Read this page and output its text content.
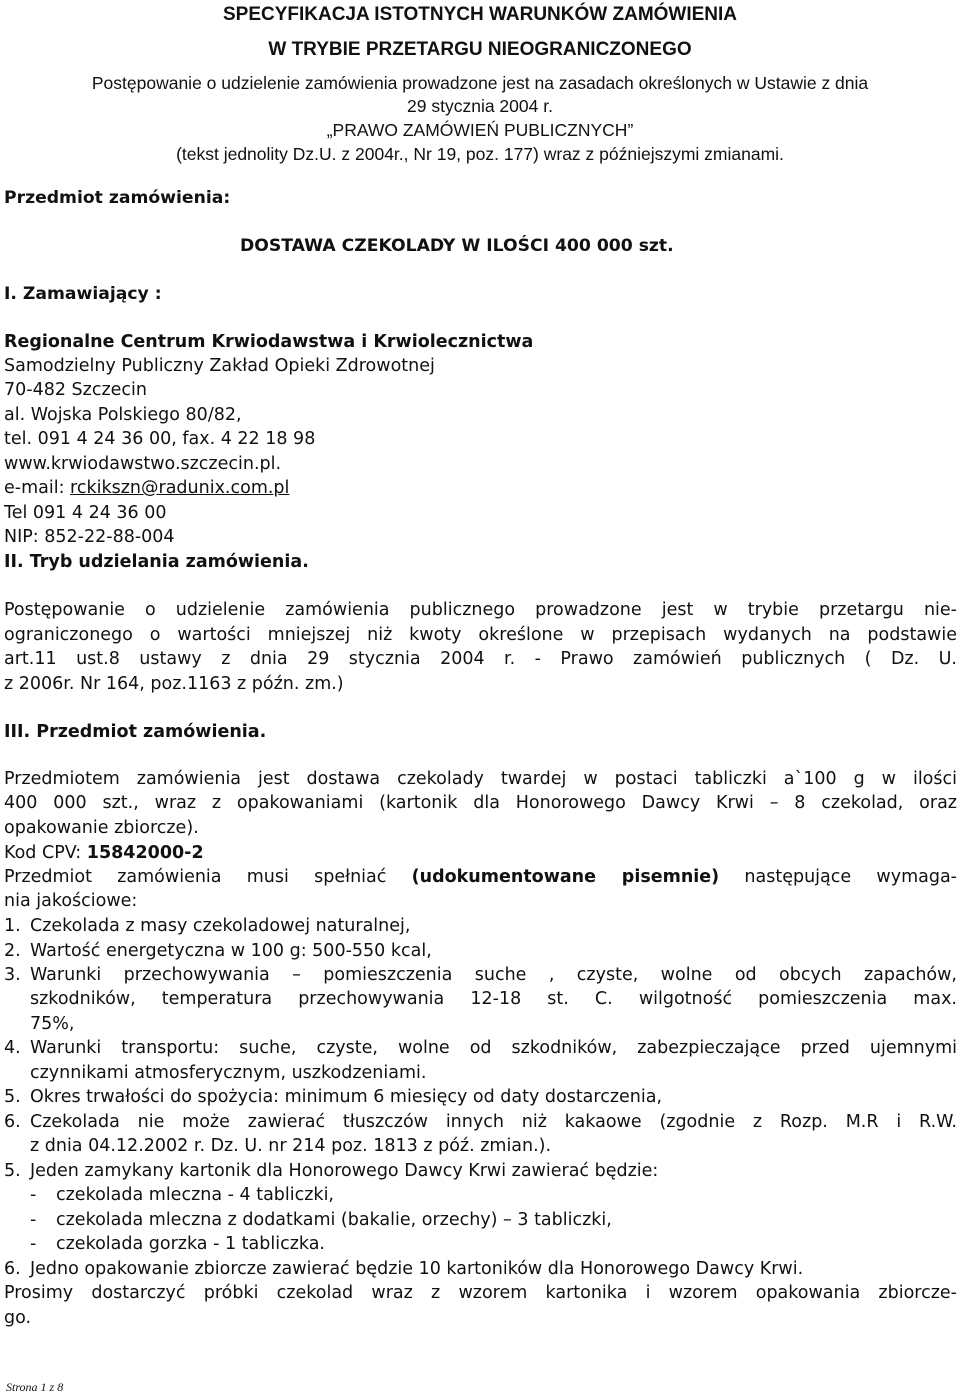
SPECYFIKACJA ISTOTNYCH WARUNKÓW ZAMÓWIENIA
W TRYBIE PRZETARGU NIEOGRANICZONEGO
Postępowanie o udzielenie zamówienia prowadzone jest na zasadach określonych w Ustawie z dnia
29 stycznia 2004 r.
„PRAWO ZAMÓWIEŃ PUBLICZNYCH”
(tekst jednolity Dz.U. z 2004r., Nr 19, poz. 177) wraz z późniejszymi zmianami.
Przedmiot zamówienia:
DOSTAWA CZEKOLADY W ILOŚCI 400 000 szt.
I. Zamawiający :
Regionalne Centrum Krwiodawstwa i Krwiolecznictwa
Samodzielny Publiczny Zakład Opieki Zdrowotnej
70-482 Szczecin
al. Wojska Polskiego 80/82,
tel. 091 4 24 36 00, fax. 4 22 18 98
www.krwiodawstwo.szczecin.pl.
e-mail: rckikszn@radunix.com.pl
Tel 091 4 24 36 00
NIP: 852-22-88-004
II. Tryb udzielania zamówienia.
Postępowanie o udzielenie zamówienia publicznego prowadzone jest w trybie przetargu nie-
ograniczonego o wartości mniejszej niż kwoty określone w przepisach wydanych na podstawie
art.11 ust.8 ustawy z dnia 29 stycznia 2004 r. - Prawo zamówień publicznych ( Dz. U.
z 2006r. Nr 164, poz.1163 z późn. zm.)
III. Przedmiot zamówienia.
Przedmiotem zamówienia jest dostawa czekolady twardej w postaci tabliczki a`100 g w ilości
400 000 szt., wraz z opakowaniami (kartonik dla Honorowego Dawcy Krwi – 8 czekolad, oraz
opakowanie zbiorcze).
Kod CPV: 15842000-2
Przedmiot zamówienia musi spełniać (udokumentowane pisemnie) następujące wymaga-
nia jakościowe:
1. Czekolada z masy czekoladowej naturalnej,
2. Wartość energetyczna w 100 g: 500-550 kcal,
3. Warunki przechowywania – pomieszczenia suche , czyste, wolne od obcych zapachów,
szkodników, temperatura przechowywania 12-18 st. C. wilgotność pomieszczenia max.
75%,
4. Warunki transportu: suche, czyste, wolne od szkodników, zabezpieczające przed ujemnymi
czynnikami atmosferycznym, uszkodzeniami.
5. Okres trwałości do spożycia: minimum 6 miesięcy od daty dostarczenia,
6. Czekolada nie może zawierać tłuszczów innych niż kakaowe (zgodnie z Rozp. M.R i R.W.
z dnia 04.12.2002 r. Dz. U. nr 214 poz. 1813 z póź. zmian.).
5. Jeden zamykany kartonik dla Honorowego Dawcy Krwi zawierać będzie:
- czekolada mleczna - 4 tabliczki,
- czekolada mleczna z dodatkami (bakalie, orzechy) – 3 tabliczki,
- czekolada gorzka - 1 tabliczka.
6. Jedno opakowanie zbiorcze zawierać będzie 10 kartoników dla Honorowego Dawcy Krwi.
Prosimy dostarczyć próbki czekolad wraz z wzorem kartonika i wzorem opakowania zbiorcze-
go.
Strona 1 z 8
